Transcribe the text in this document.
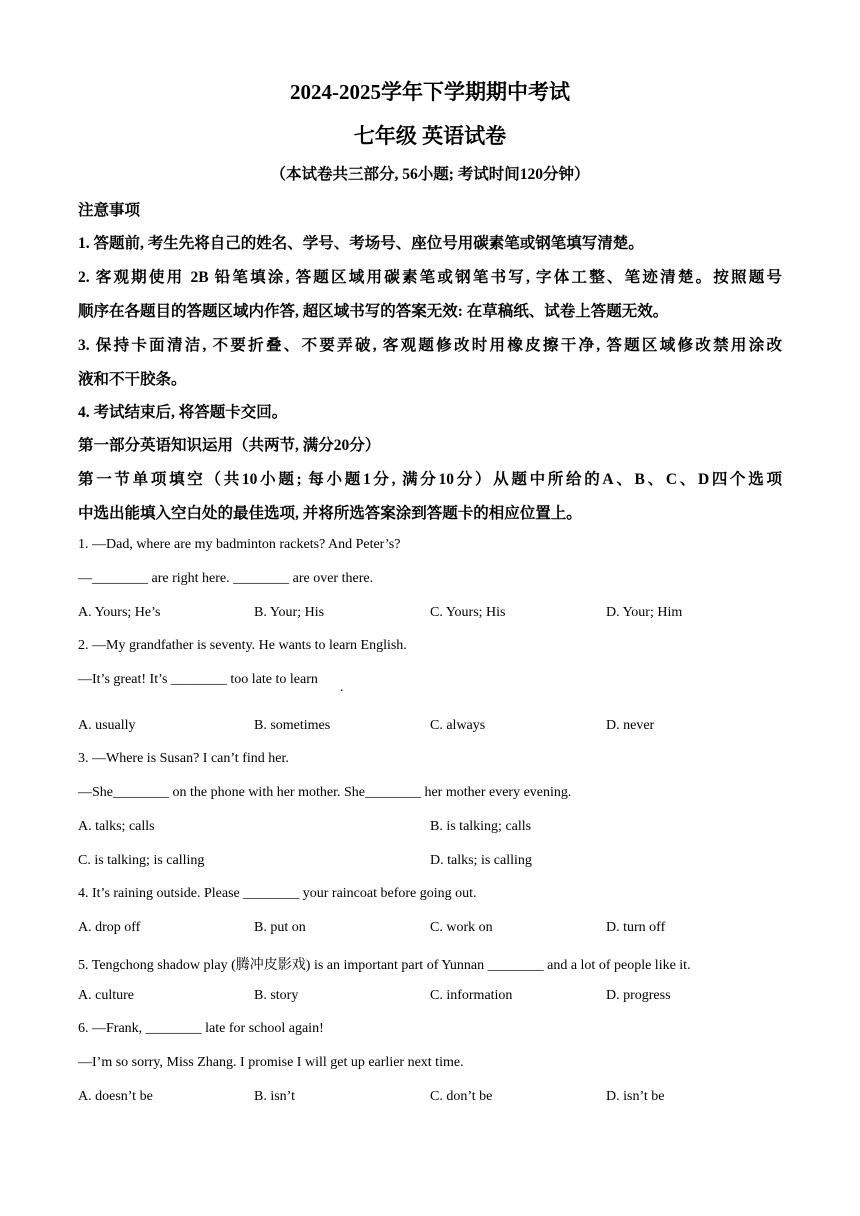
2024-2025学年下学期期中考试
七年级 英语试卷
（本试卷共三部分, 56小题; 考试时间120分钟）
注意事项
1. 答题前, 考生先将自己的姓名、学号、考场号、座位号用碳素笔或钢笔填写清楚。
2. 客观期使用 2B 铅笔填涂, 答题区域用碳素笔或钢笔书写, 字体工整、笔迹清楚。按照题号
顺序在各题目的答题区域内作答, 超区域书写的答案无效: 在草稿纸、试卷上答题无效。
3. 保持卡面清洁, 不要折叠、不要弄破, 客观题修改时用橡皮擦干净, 答题区域修改禁用涂改
液和不干胶条。
4. 考试结束后, 将答题卡交回。
第一部分英语知识运用（共两节, 满分20分）
第一节单项填空（共10小题; 每小题1分, 满分10分）从题中所给的A、B、C、D四个选项
中选出能填入空白处的最佳选项, 并将所选答案涂到答题卡的相应位置上。
1. —Dad, where are my badminton rackets? And Peter’s?
—________ are right here. ________ are over there.
A. Yours; He’s	B. Your; His	C. Yours; His	D. Your; Him
2. —My grandfather is seventy. He wants to learn English.
—It’s great! It’s ________ too late to learn
.
A. usually	B. sometimes	C. always	D. never
3. —Where is Susan? I can’t find her.
—She________ on the phone with her mother. She________ her mother every evening.
A. talks; calls	B. is talking; calls
C. is talking; is calling	D. talks; is calling
4. It’s raining outside. Please ________ your raincoat before going out.
A. drop off	B. put on	C. work on	D. turn off
5. Tengchong shadow play (腾冲皮影戏) is an important part of Yunnan ________ and a lot of people like it.
A. culture	B. story	C. information	D. progress
6. —Frank, ________ late for school again!
—I’m so sorry, Miss Zhang. I promise I will get up earlier next time.
A. doesn’t be	B. isn’t	C. don’t be	D. isn’t be
